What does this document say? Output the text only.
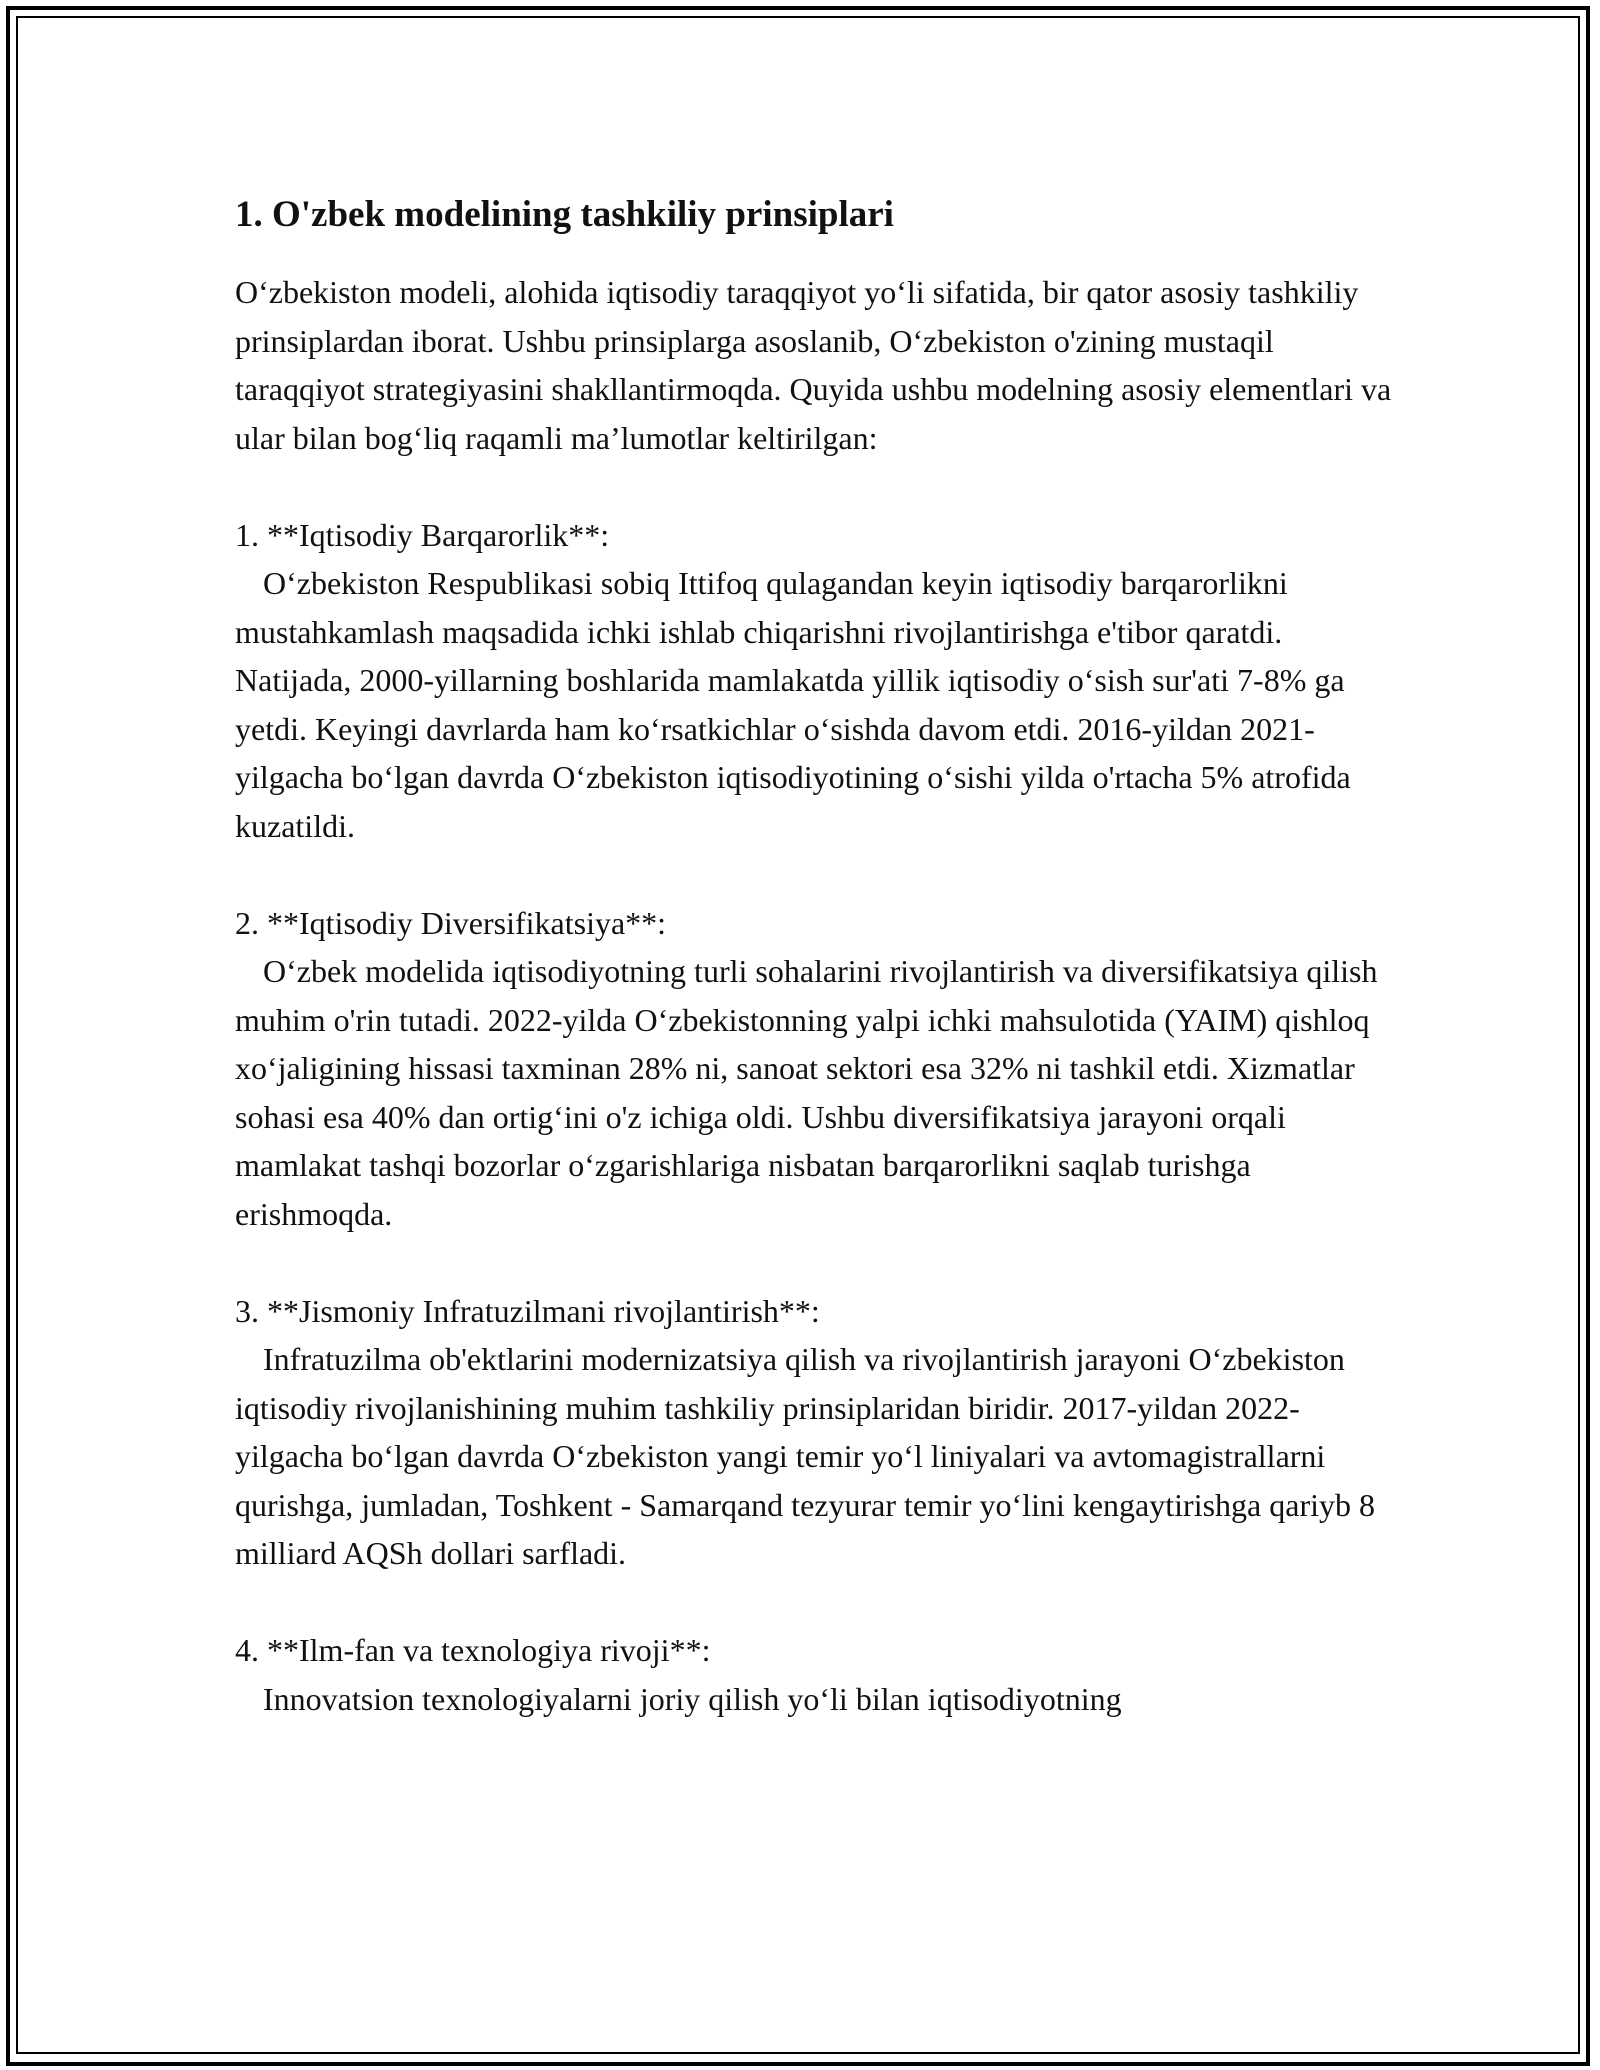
1. O'zbek modelining tashkiliy prinsiplari

O‘zbekiston modeli, alohida iqtisodiy taraqqiyot yo‘li sifatida, bir qator asosiy tashkiliy prinsiplardan iborat. Ushbu prinsiplarga asoslanib, O‘zbekiston o'zining mustaqil taraqqiyot strategiyasini shakllantirmoqda. Quyida ushbu modelning asosiy elementlari va ular bilan bog‘liq raqamli ma’lumotlar keltirilgan:

1. **Iqtisodiy Barqarorlik**:

O‘zbekiston Respublikasi sobiq Ittifoq qulagandan keyin iqtisodiy barqarorlikni mustahkamlash maqsadida ichki ishlab chiqarishni rivojlantirishga e'tibor qaratdi. Natijada, 2000-yillarning boshlarida mamlakatda yillik iqtisodiy o‘sish sur'ati 7-8% ga yetdi. Keyingi davrlarda ham ko‘rsatkichlar o‘sishda davom etdi. 2016-yildan 2021-yilgacha bo‘lgan davrda O‘zbekiston iqtisodiyotining o‘sishi yilda o'rtacha 5% atrofida kuzatildi.

2. **Iqtisodiy Diversifikatsiya**:

O‘zbek modelida iqtisodiyotning turli sohalarini rivojlantirish va diversifikatsiya qilish muhim o'rin tutadi. 2022-yilda O‘zbekistonning yalpi ichki mahsulotida (YAIM) qishloq xo‘jaligining hissasi taxminan 28% ni, sanoat sektori esa 32% ni tashkil etdi. Xizmatlar sohasi esa 40% dan ortig‘ini o'z ichiga oldi. Ushbu diversifikatsiya jarayoni orqali mamlakat tashqi bozorlar o‘zgarishlariga nisbatan barqarorlikni saqlab turishga erishmoqda.

3. **Jismoniy Infratuzilmani rivojlantirish**:

Infratuzilma ob'ektlarini modernizatsiya qilish va rivojlantirish jarayoni O‘zbekiston iqtisodiy rivojlanishining muhim tashkiliy prinsiplaridan biridir. 2017-yildan 2022-yilgacha bo‘lgan davrda O‘zbekiston yangi temir yo‘l liniyalari va avtomagistrallarni qurishga, jumladan, Toshkent - Samarqand tezyurar temir yo‘lini kengaytirishga qariyb 8 milliard AQSh dollari sarfladi.

4. **Ilm-fan va texnologiya rivoji**:

Innovatsion texnologiyalarni joriy qilish yo‘li bilan iqtisodiyotning
